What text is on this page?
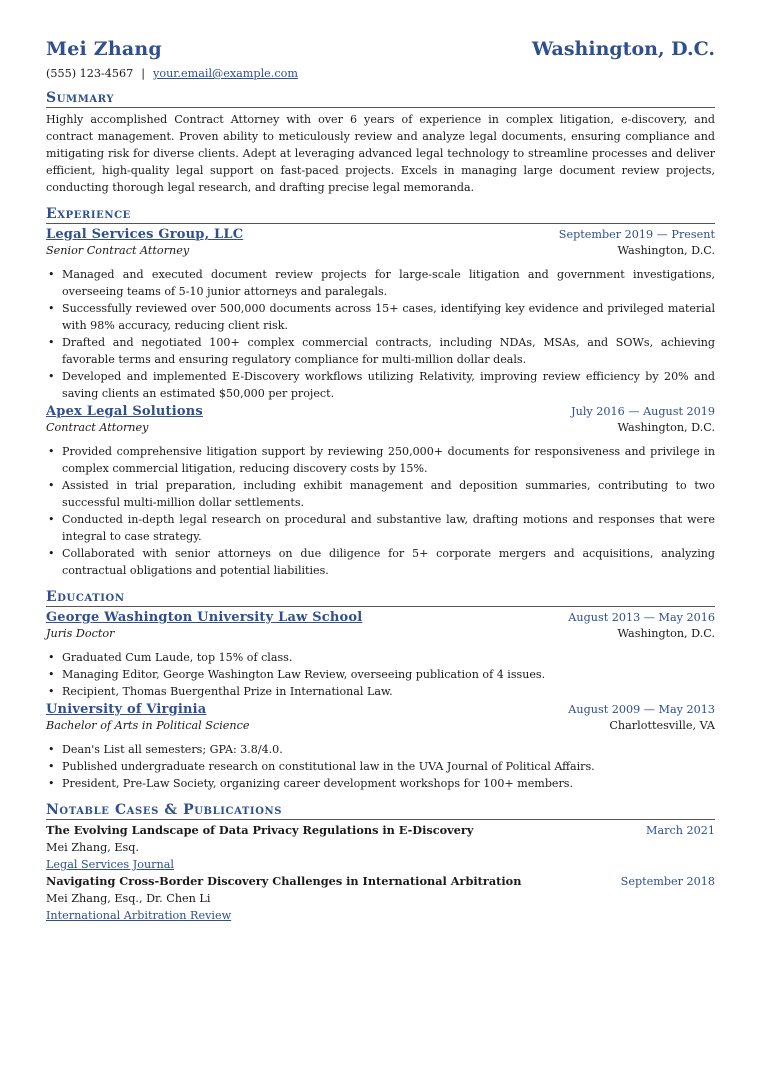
Mei Zhang	Washington, D.C.
(555) 123-4567 | your.email@example.com
Summary

Highly accomplished Contract Attorney with over 6 years of experience in complex litigation, e-discovery, and contract management. Proven ability to meticulously review and analyze legal documents, ensuring compliance and mitigating risk for diverse clients. Adept at leveraging advanced legal technology to streamline processes and deliver efficient, high-quality legal support on fast-paced projects. Excels in managing large document review projects, conducting thorough legal research, and drafting precise legal memoranda.

Experience
Legal Services Group, LLC	September 2019 — Present
Senior Contract Attorney	Washington, D.C.
• Managed and executed document review projects for large-scale litigation and government investigations, overseeing teams of 5-10 junior attorneys and paralegals.
• Successfully reviewed over 500,000 documents across 15+ cases, identifying key evidence and privileged material with 98% accuracy, reducing client risk.
• Drafted and negotiated 100+ complex commercial contracts, including NDAs, MSAs, and SOWs, achieving favorable terms and ensuring regulatory compliance for multi-million dollar deals.
• Developed and implemented E-Discovery workflows utilizing Relativity, improving review efficiency by 20% and saving clients an estimated $50,000 per project.
Apex Legal Solutions	July 2016 — August 2019
Contract Attorney	Washington, D.C.
• Provided comprehensive litigation support by reviewing 250,000+ documents for responsiveness and privilege in complex commercial litigation, reducing discovery costs by 15%.
• Assisted in trial preparation, including exhibit management and deposition summaries, contributing to two successful multi-million dollar settlements.
• Conducted in-depth legal research on procedural and substantive law, drafting motions and responses that were integral to case strategy.
• Collaborated with senior attorneys on due diligence for 5+ corporate mergers and acquisitions, analyzing contractual obligations and potential liabilities.
Education
George Washington University Law School	August 2013 — May 2016
Juris Doctor	Washington, D.C.
• Graduated Cum Laude, top 15% of class.
• Managing Editor, George Washington Law Review, overseeing publication of 4 issues.
• Recipient, Thomas Buergenthal Prize in International Law.
University of Virginia	August 2009 — May 2013
Bachelor of Arts in Political Science	Charlottesville, VA
• Dean's List all semesters; GPA: 3.8/4.0.
• Published undergraduate research on constitutional law in the UVA Journal of Political Affairs.
• President, Pre-Law Society, organizing career development workshops for 100+ members.
Notable Cases & Publications
The Evolving Landscape of Data Privacy Regulations in E-Discovery	March 2021
Mei Zhang, Esq.
Legal Services Journal
Navigating Cross-Border Discovery Challenges in International Arbitration	September 2018
Mei Zhang, Esq., Dr. Chen Li
International Arbitration Review
